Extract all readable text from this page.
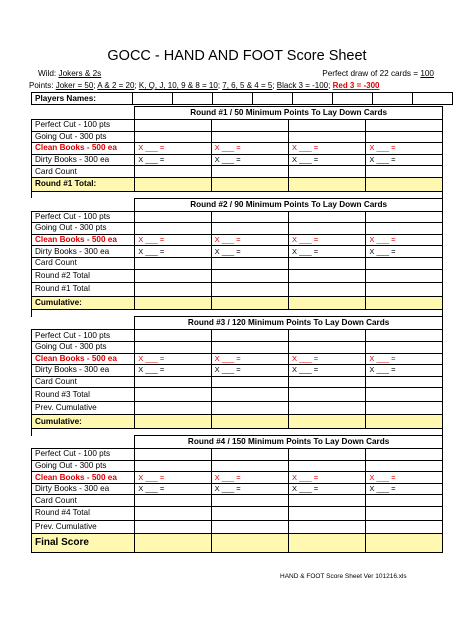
GOCC - HAND AND FOOT Score Sheet
Wild: Jokers & 2s	Perfect draw of 22 cards = 100
Points: Joker = 50; A & 2 = 20; K, Q, J, 10, 9 & 8 = 10; 7, 6, 5 & 4 = 5; Black 3 = -100; Red 3 = -300
Players Names:								
	Round #1 / 50 Minimum Points To Lay Down Cards			
Perfect Cut - 100 pts				
Going Out - 300 pts				
Clean Books - 500 ea	X ___ =	X ___ =	X ___ =	X ___ =
Dirty Books - 300 ea	X ___ =	X ___ =	X ___ =	X ___ =
Card Count				
Round #1 Total:				

	Round #2 / 90 Minimum Points To Lay Down Cards			
Perfect Cut - 100 pts				
Going Out - 300 pts				
Clean Books - 500 ea	X ___ =	X ___ =	X ___ =	X ___ =
Dirty Books - 300 ea	X ___ =	X ___ =	X ___ =	X ___ =
Card Count				
Round #2 Total				
Round #1 Total				
Cumulative:				

	Round #3 / 120 Minimum Points To Lay Down Cards			
Perfect Cut - 100 pts				
Going Out - 300 pts				
Clean Books - 500 ea	X ___ =	X ___ =	X ___ =	X ___ =
Dirty Books - 300 ea	X ___ =	X ___ =	X ___ =	X ___ =
Card Count				
Round #3 Total				
Prev. Cumulative				
Cumulative:				

	Round #4 / 150 Minimum Points To Lay Down Cards			
Perfect Cut - 100 pts				
Going Out - 300 pts				
Clean Books - 500 ea	X ___ =	X ___ =	X ___ =	X ___ =
Dirty Books - 300 ea	X ___ =	X ___ =	X ___ =	X ___ =
Card Count				
Round #4 Total				
Prev. Cumulative				
Final Score				
HAND & FOOT Score Sheet Ver 101216.xls
